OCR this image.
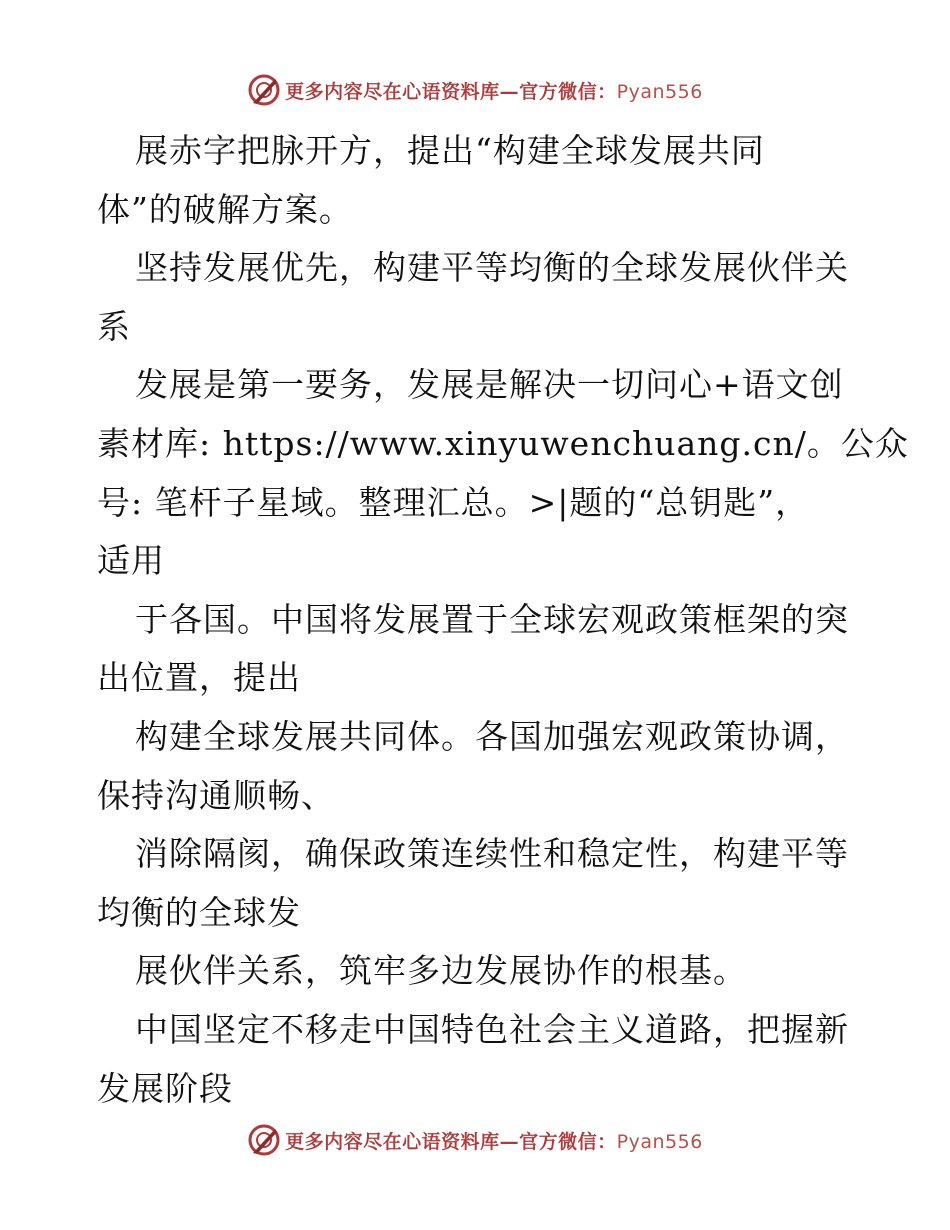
更多内容尽在心语资料库—官方微信：Pyan556
展赤字把脉开方，提出“构建全球发展共同
体”的破解方案。
坚持发展优先，构建平等均衡的全球发展伙伴关
系
发展是第一要务，发展是解决一切问心+语文创
素材库: https://www.xinyuwenchuang.cn/。公众
号: 笔杆子星域。整理汇总。>|题的“总钥匙”，
适用
于各国。中国将发展置于全球宏观政策框架的突
出位置，提出
构建全球发展共同体。各国加强宏观政策协调，
保持沟通顺畅、
消除隔阂，确保政策连续性和稳定性，构建平等
均衡的全球发
展伙伴关系，筑牢多边发展协作的根基。
中国坚定不移走中国特色社会主义道路，把握新
发展阶段
更多内容尽在心语资料库—官方微信：Pyan556
